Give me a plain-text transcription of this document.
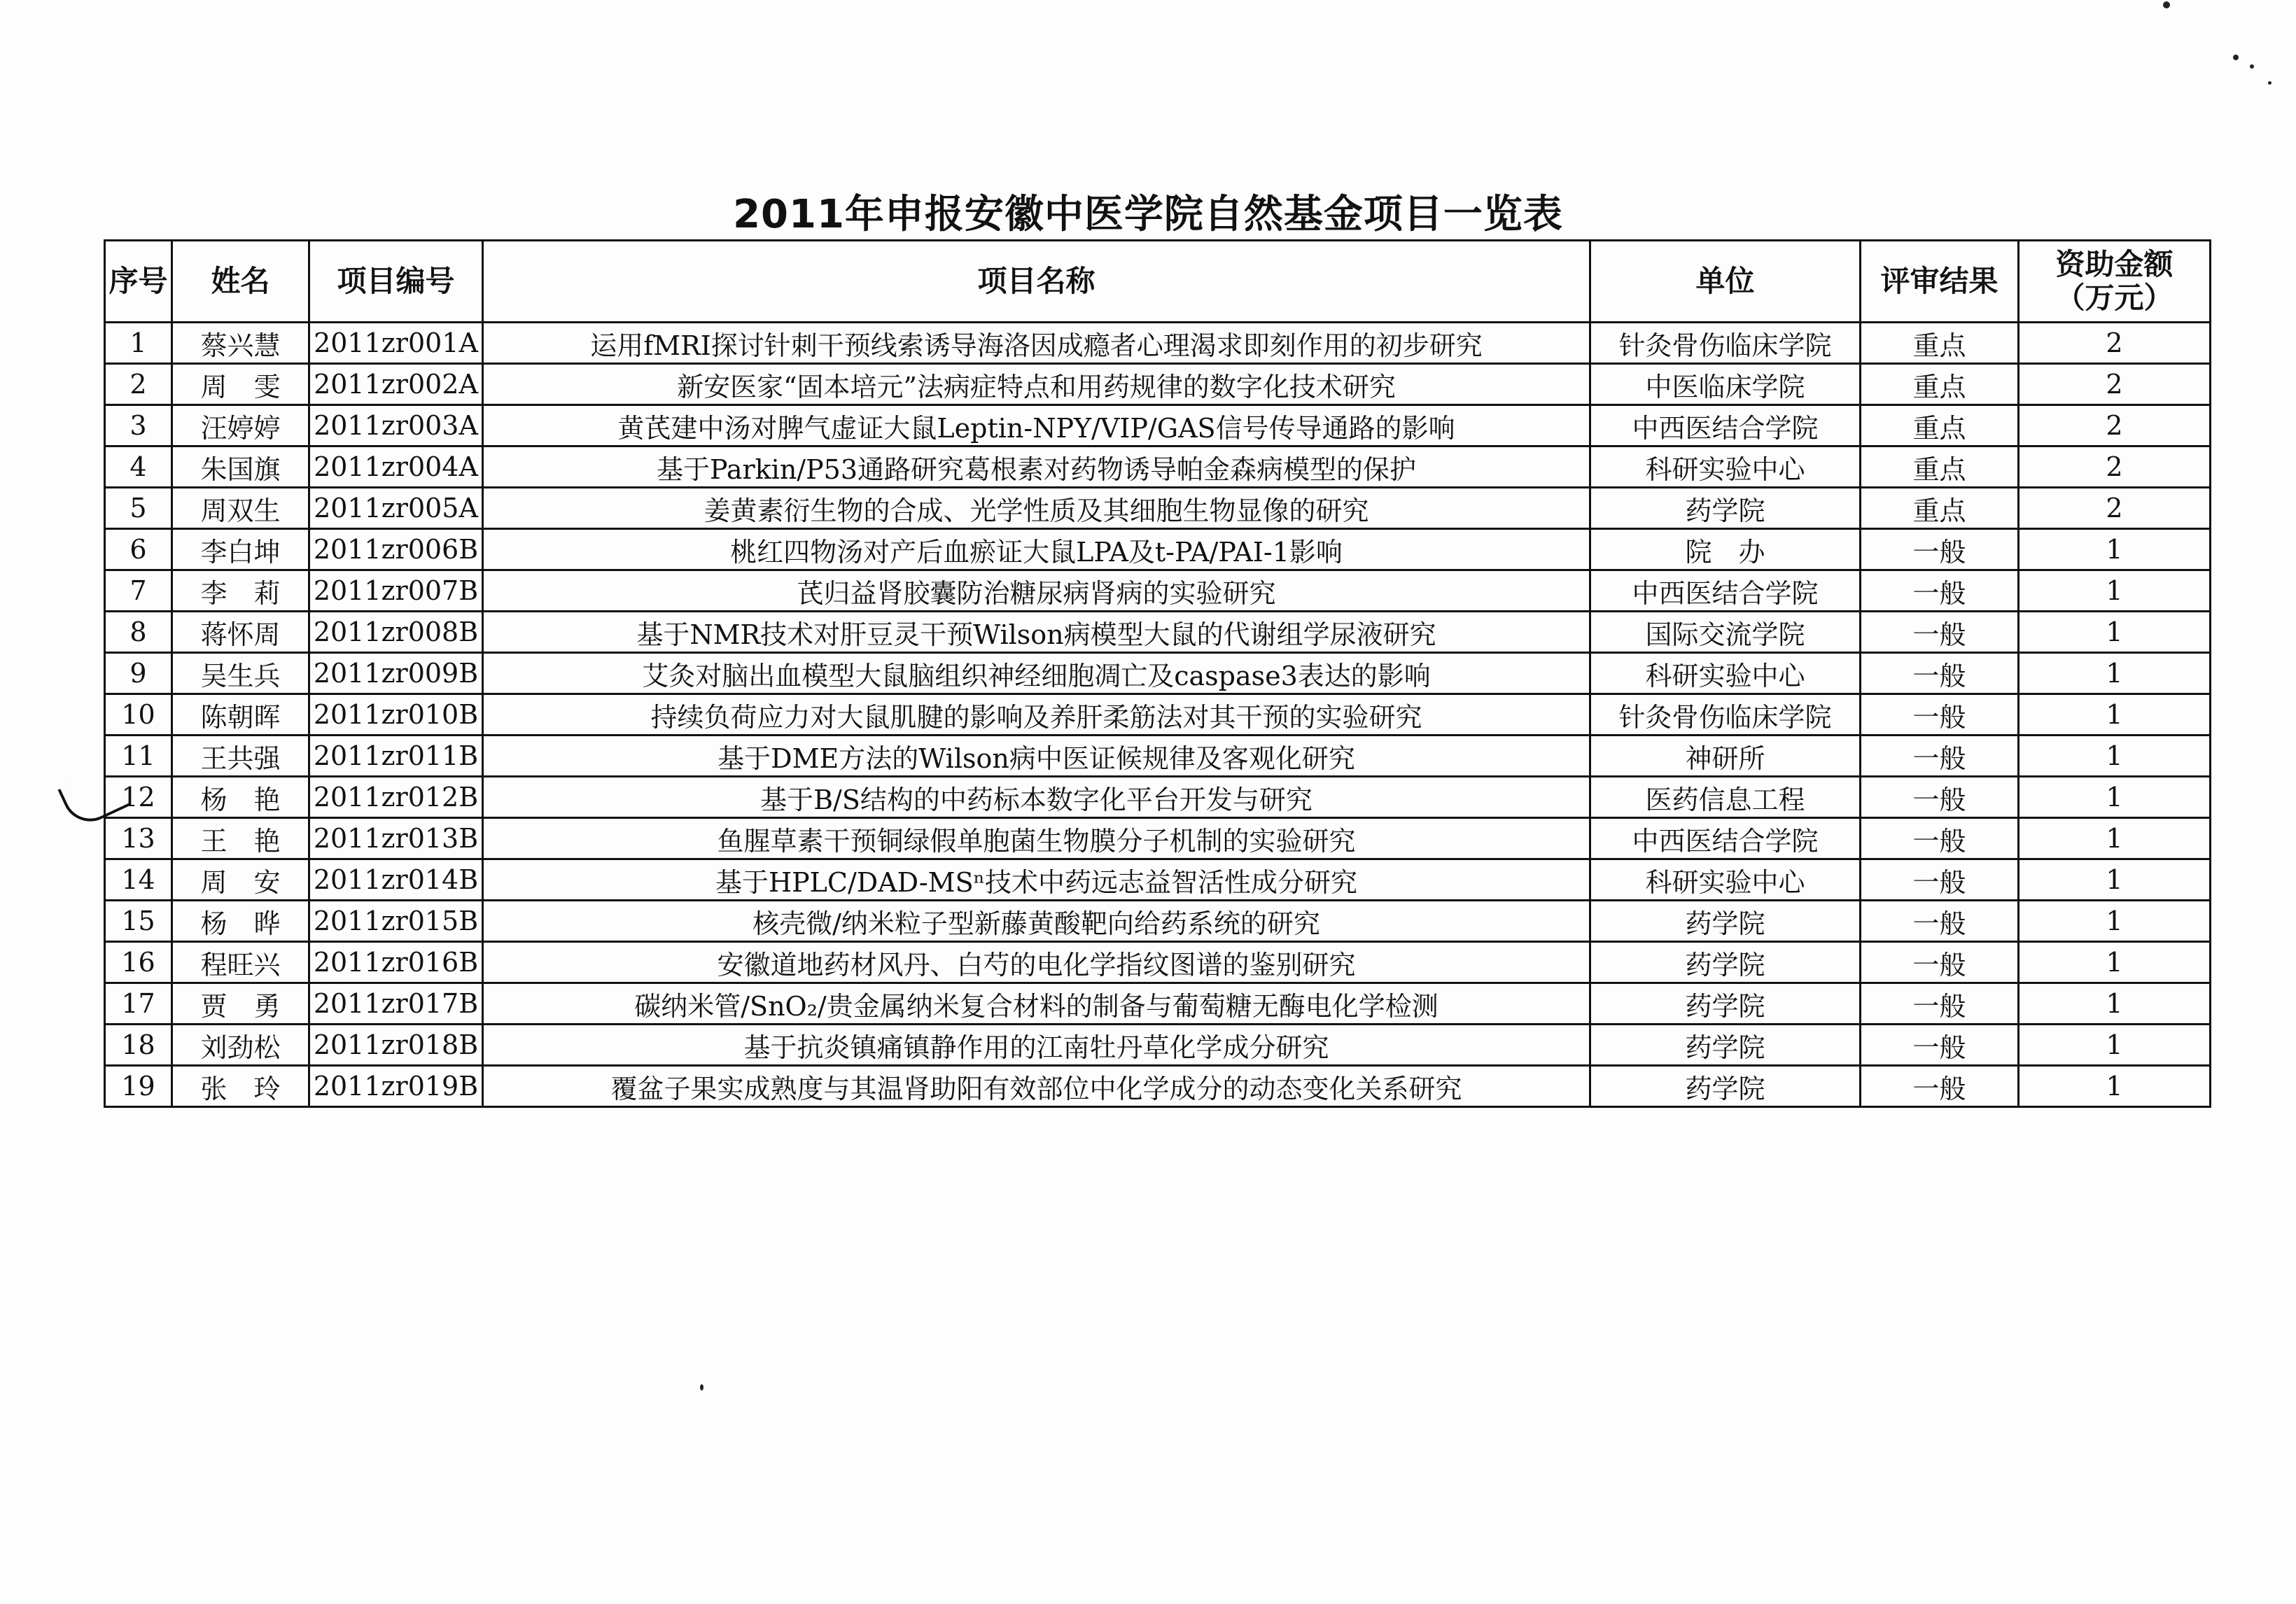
2011年申报安徽中医学院自然基金项目一览表
序号	姓名	项目编号	项目名称	单位	评审结果	资助金额
（万元）

1	蔡兴慧	2011zr001A	运用fMRI探讨针刺干预线索诱导海洛因成瘾者心理渴求即刻作用的初步研究	针灸骨伤临床学院	重点	2
2	周　雯	2011zr002A	新安医家“固本培元”法病症特点和用药规律的数字化技术研究	中医临床学院	重点	2
3	汪婷婷	2011zr003A	黄芪建中汤对脾气虚证大鼠Leptin-NPY/VIP/GAS信号传导通路的影响	中西医结合学院	重点	2
4	朱国旗	2011zr004A	基于Parkin/P53通路研究葛根素对药物诱导帕金森病模型的保护	科研实验中心	重点	2
5	周双生	2011zr005A	姜黄素衍生物的合成、光学性质及其细胞生物显像的研究	药学院	重点	2
6	李白坤	2011zr006B	桃红四物汤对产后血瘀证大鼠LPA及t-PA/PAI-1影响	院　办	一般	1
7	李　莉	2011zr007B	芪归益肾胶囊防治糖尿病肾病的实验研究	中西医结合学院	一般	1
8	蒋怀周	2011zr008B	基于NMR技术对肝豆灵干预Wilson病模型大鼠的代谢组学尿液研究	国际交流学院	一般	1
9	吴生兵	2011zr009B	艾灸对脑出血模型大鼠脑组织神经细胞凋亡及caspase3表达的影响	科研实验中心	一般	1
10	陈朝晖	2011zr010B	持续负荷应力对大鼠肌腱的影响及养肝柔筋法对其干预的实验研究	针灸骨伤临床学院	一般	1
11	王共强	2011zr011B	基于DME方法的Wilson病中医证候规律及客观化研究	神研所	一般	1
12	杨　艳	2011zr012B	基于B/S结构的中药标本数字化平台开发与研究	医药信息工程	一般	1
13	王　艳	2011zr013B	鱼腥草素干预铜绿假单胞菌生物膜分子机制的实验研究	中西医结合学院	一般	1
14	周　安	2011zr014B	基于HPLC/DAD-MSⁿ技术中药远志益智活性成分研究	科研实验中心	一般	1
15	杨　晔	2011zr015B	核壳微/纳米粒子型新藤黄酸靶向给药系统的研究	药学院	一般	1
16	程旺兴	2011zr016B	安徽道地药材风丹、白芍的电化学指纹图谱的鉴别研究	药学院	一般	1
17	贾　勇	2011zr017B	碳纳米管/SnO₂/贵金属纳米复合材料的制备与葡萄糖无酶电化学检测	药学院	一般	1
18	刘劲松	2011zr018B	基于抗炎镇痛镇静作用的江南牡丹草化学成分研究	药学院	一般	1
19	张　玲	2011zr019B	覆盆子果实成熟度与其温肾助阳有效部位中化学成分的动态变化关系研究	药学院	一般	1
